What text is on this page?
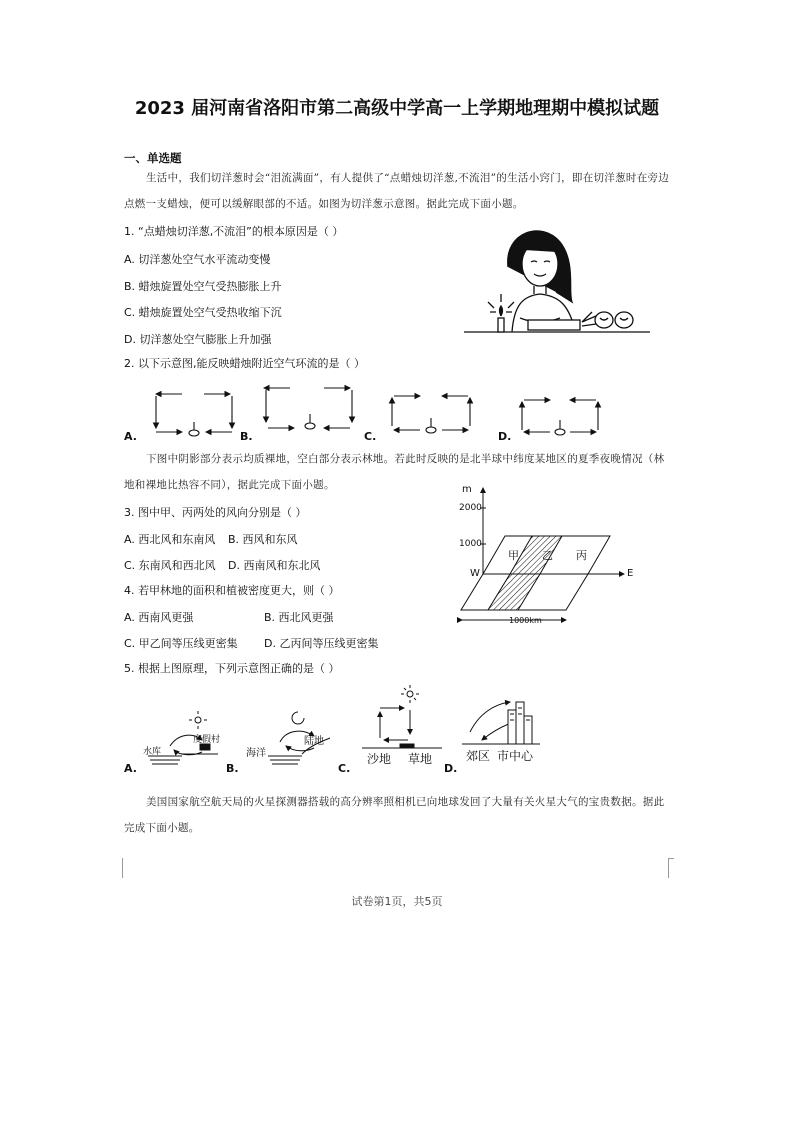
2023 届河南省洛阳市第二高级中学高一上学期地理期中模拟试题
一、单选题
生活中，我们切洋葱时会“泪流满面”，有人提供了“点蜡烛切洋葱,不流泪”的生活小窍门，即在切洋葱时在旁边点燃一支蜡烛，便可以缓解眼部的不适。如图为切洋葱示意图。据此完成下面小题。
1. “点蜡烛切洋葱,不流泪”的根本原因是（ ）
A. 切洋葱处空气水平流动变慢
B. 蜡烛旋置处空气受热膨胀上升
C. 蜡烛旋置处空气受热收缩下沉
D. 切洋葱处空气膨胀上升加强
2. 以下示意图,能反映蜡烛附近空气环流的是（ ）
A.	B.	C.	D.
下图中阴影部分表示均质裸地，空白部分表示林地。若此时反映的是北半球中纬度某地区的夏季夜晚情况（林地和裸地比热容不同），据此完成下面小题。
3. 图中甲、丙两处的风向分别是（ ）
A. 西北风和东南风 B. 西风和东风
C. 东南风和西北风 D. 西南风和东北风
4. 若甲林地的面积和植被密度更大，则（ ）
A. 西南风更强	B. 西北风更强
C. 甲乙间等压线更密集 D. 乙丙间等压线更密集
m
2000
1000
W	E
甲 乙 丙
1000km
5. 根据上图原理，下列示意图正确的是（ ）
水库
度假村
海洋
陆地
沙地 草地	郊区 市中心
A.	B.	C.	D.
美国国家航空航天局的火星探测器搭载的高分辨率照相机已向地球发回了大量有关火星大气的宝贵数据。据此完成下面小题。
试卷第1页，共5页
